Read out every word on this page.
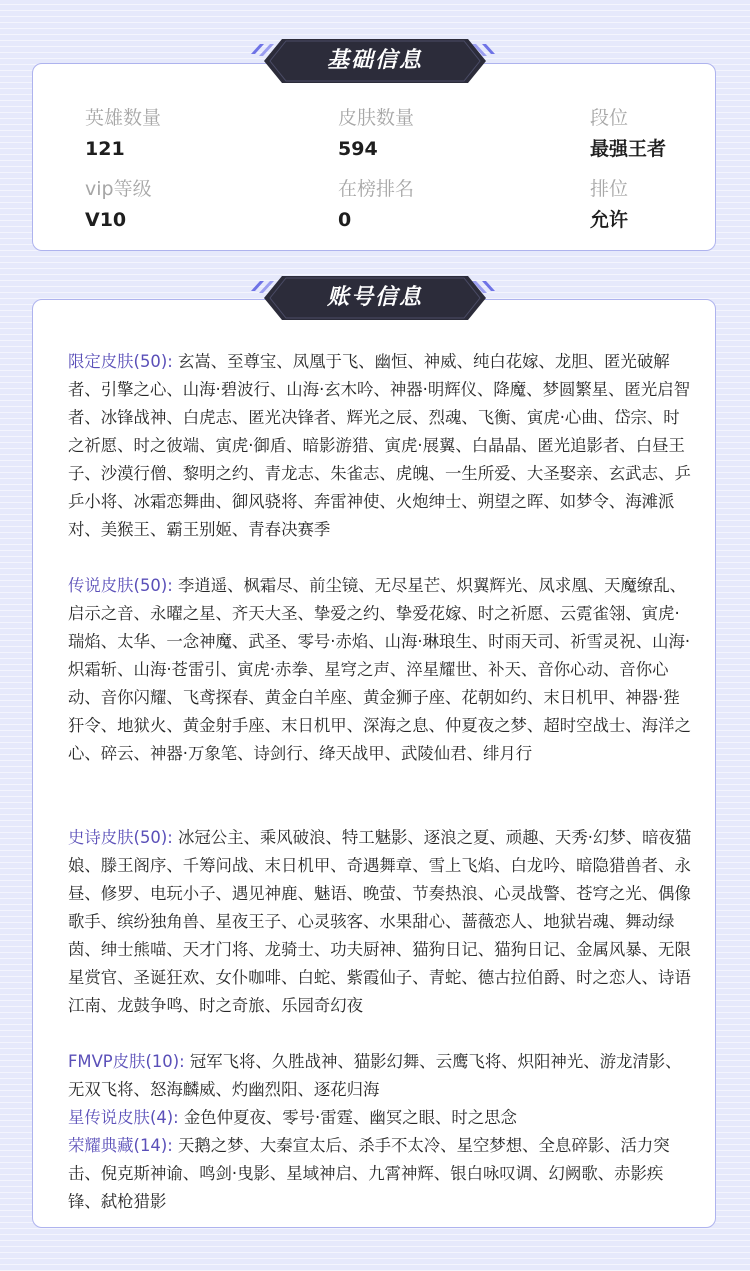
英雄数量
121
皮肤数量
594
段位
最强王者
vip等级
V10
在榜排名
0
排位
允许
基础信息
账号信息
限定皮肤(50): 玄嵩、至尊宝、凤凰于飞、幽恒、神威、纯白花嫁、龙胆、匿光破解者、引擎之心、山海·碧波行、山海·玄木吟、神器·明辉仪、降魔、梦圆繁星、匿光启智者、冰锋战神、白虎志、匿光决锋者、辉光之辰、烈魂、飞衡、寅虎·心曲、岱宗、时之祈愿、时之彼端、寅虎·御盾、暗影游猎、寅虎·展翼、白晶晶、匿光追影者、白昼王子、沙漠行僧、黎明之约、青龙志、朱雀志、虎魄、一生所爱、大圣娶亲、玄武志、乒乒小将、冰霜恋舞曲、御风骁将、奔雷神使、火炮绅士、朔望之晖、如梦令、海滩派对、美猴王、霸王别姬、青春决赛季
传说皮肤(50): 李逍遥、枫霜尽、前尘镜、无尽星芒、炽翼辉光、凤求凰、天魔缭乱、启示之音、永曜之星、齐天大圣、挚爱之约、挚爱花嫁、时之祈愿、云霓雀翎、寅虎·瑞焰、太华、一念神魔、武圣、零号·赤焰、山海·琳琅生、时雨天司、祈雪灵祝、山海·炽霜斩、山海·苍雷引、寅虎·赤拳、星穹之声、淬星耀世、补天、音你心动、音你心动、音你闪耀、飞鸢探春、黄金白羊座、黄金狮子座、花朝如约、末日机甲、神器·狴犴令、地狱火、黄金射手座、末日机甲、深海之息、仲夏夜之梦、超时空战士、海洋之心、碎云、神器·万象笔、诗剑行、绛天战甲、武陵仙君、绯月行
史诗皮肤(50): 冰冠公主、乘风破浪、特工魅影、逐浪之夏、顽趣、天秀·幻梦、暗夜猫娘、滕王阁序、千筹问战、末日机甲、奇遇舞章、雪上飞焰、白龙吟、暗隐猎兽者、永昼、修罗、电玩小子、遇见神鹿、魅语、晚萤、节奏热浪、心灵战警、苍穹之光、偶像歌手、缤纷独角兽、星夜王子、心灵骇客、水果甜心、蔷薇恋人、地狱岩魂、舞动绿茵、绅士熊喵、天才门将、龙骑士、功夫厨神、猫狗日记、猫狗日记、金属风暴、无限星赏官、圣诞狂欢、女仆咖啡、白蛇、紫霞仙子、青蛇、德古拉伯爵、时之恋人、诗语江南、龙鼓争鸣、时之奇旅、乐园奇幻夜
FMVP皮肤(10): 冠军飞将、久胜战神、猫影幻舞、云鹰飞将、炽阳神光、游龙清影、无双飞将、怒海麟威、灼幽烈阳、逐花归海
星传说皮肤(4): 金色仲夏夜、零号·雷霆、幽冥之眼、时之思念
荣耀典藏(14): 天鹅之梦、大秦宣太后、杀手不太冷、星空梦想、全息碎影、活力突击、倪克斯神谕、鸣剑·曳影、星域神启、九霄神辉、银白咏叹调、幻阙歌、赤影疾锋、弑枪猎影
